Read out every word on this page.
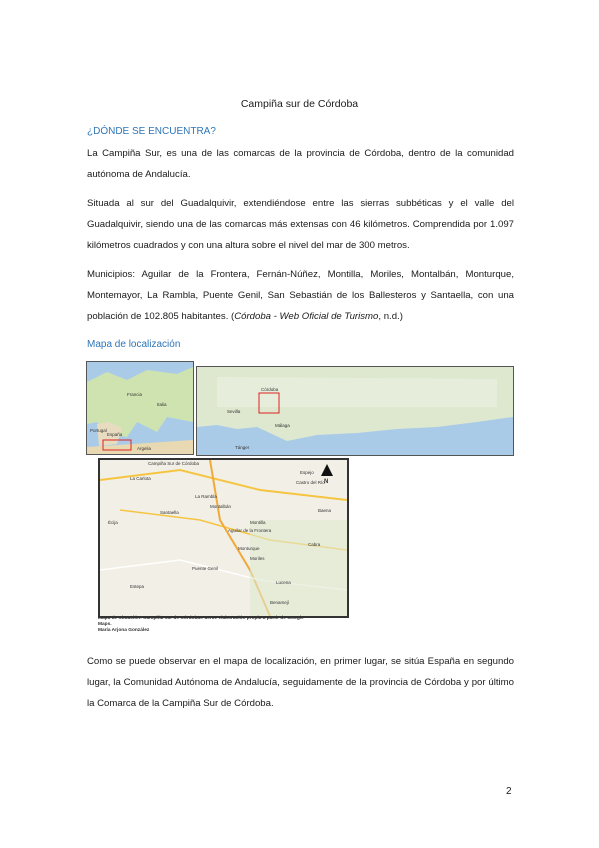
Campiña sur de Córdoba
¿DÓNDE SE ENCUENTRA?
La Campiña Sur, es una de las comarcas de la provincia de Córdoba, dentro de la comunidad autónoma de Andalucía.
Situada al sur del Guadalquivir, extendiéndose entre las sierras subbéticas y el valle del Guadalquivir, siendo una de las comarcas más extensas con 46 kilómetros. Comprendida por 1.097 kilómetros cuadrados y con una altura sobre el nivel del mar de 300 metros.
Municipios: Aguilar de la Frontera, Fernán-Núñez, Montilla, Moriles, Montalbán, Monturque, Montemayor, La Rambla, Puente Genil, San Sebastián de los Ballesteros y Santaella, con una población de 102.805 habitantes. (Córdoba - Web Oficial de Turismo, n.d.)
Mapa de localización
Francia
Italia
Portugal
España
Argelia
Sevilla
Córdoba
Málaga
Tánger
Campiña Sur de Córdoba
La Carlota
La Rambla
Montalbán
Santaella
Montilla
Aguilar de la Frontera
Monturque
Moriles
Puente Genil
Écija
Lucena
Castro del Río
Espejo
Baena
Cabra
Benamejí
Estepa
N
Mapa de Situación: Campiña sur de Córdoba.Fuente elaboración propia a partir de Google
Maps.
María Arjona González
Como se puede observar en el mapa de localización, en primer lugar, se sitúa España en segundo lugar, la Comunidad Autónoma de Andalucía, seguidamente de la provincia de Córdoba y por último la Comarca de la Campiña Sur de Córdoba.
2
